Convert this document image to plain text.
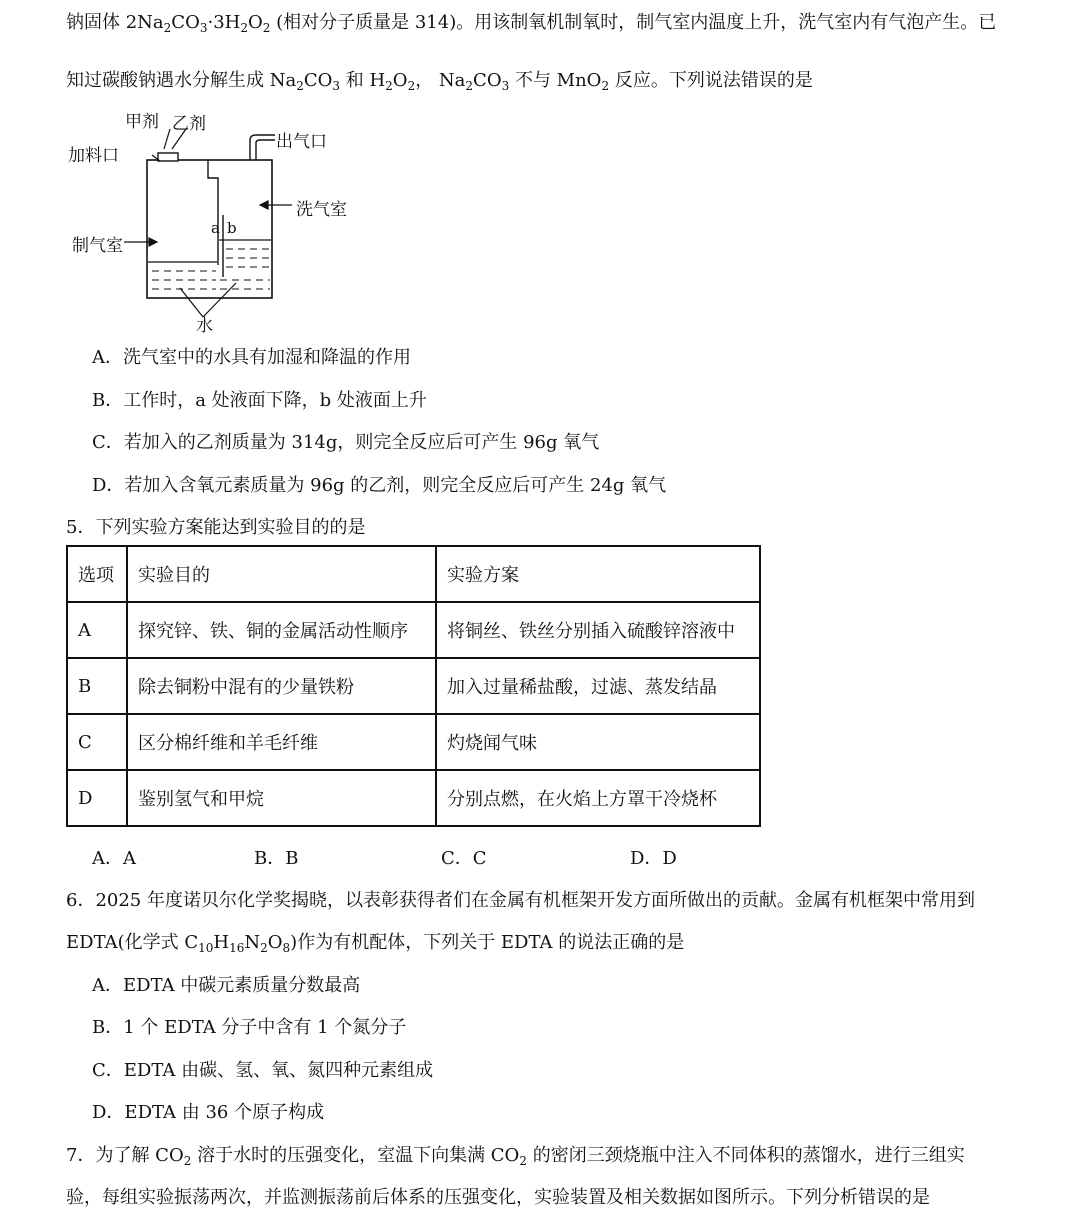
钠固体 $2Na_2CO_3\cdot 3H_2O_2$ (相对分子质量是 314)。用该制氧机制氧时，制气室内温度上升，洗气室内有气泡产生。已
知过碳酸钠遇水分解生成 $Na_2CO_3$ 和 $H_2O_2$， $Na_2CO_3$ 不与 MnO$_2$ 反应。下列说法错误的是
甲剂 乙剂
加料口
出气口
洗气室
制气室
a b
水
A．洗气室中的水具有加湿和降温的作用
B．工作时，a 处液面下降，b 处液面上升
C．若加入的乙剂质量为 314g，则完全反应后可产生 96g 氧气
D．若加入含氧元素质量为 96g 的乙剂，则完全反应后可产生 24g 氧气
5．下列实验方案能达到实验目的的是
选项	实验目的	实验方案
A	探究锌、铁、铜的金属活动性顺序	将铜丝、铁丝分别插入硫酸锌溶液中
B	除去铜粉中混有的少量铁粉	加入过量稀盐酸，过滤、蒸发结晶
C	区分棉纤维和羊毛纤维	灼烧闻气味
D	鉴别氢气和甲烷	分别点燃，在火焰上方罩干冷烧杯
A．A	B．B	C．C	D．D
6．2025 年度诺贝尔化学奖揭晓，以表彰获得者们在金属有机框架开发方面所做出的贡献。金属有机框架中常用到
EDTA(化学式 $C_{10}H_{16}N_2O_8$)作为有机配体，下列关于 EDTA 的说法正确的是
A．EDTA 中碳元素质量分数最高
B．1 个 EDTA 分子中含有 1 个氮分子
C．EDTA 由碳、氢、氧、氮四种元素组成
D．EDTA 由 36 个原子构成
7．为了解 $CO_2$ 溶于水时的压强变化，室温下向集满 $CO_2$ 的密闭三颈烧瓶中注入不同体积的蒸馏水，进行三组实
验，每组实验振荡两次，并监测振荡前后体系的压强变化，实验装置及相关数据如图所示。下列分析错误的是
